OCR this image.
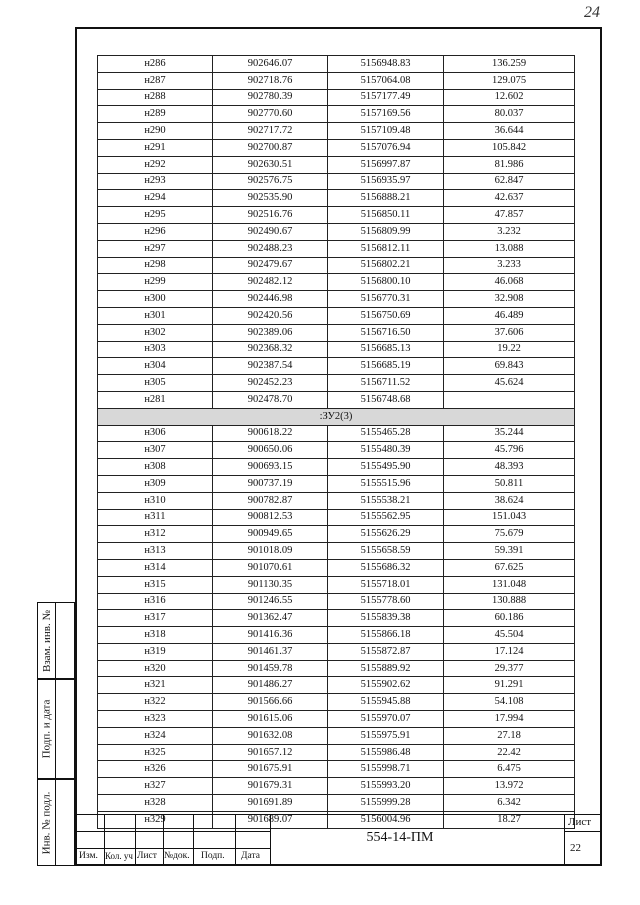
24
н286	902646.07	5156948.83	136.259
н287	902718.76	5157064.08	129.075
н288	902780.39	5157177.49	12.602
н289	902770.60	5157169.56	80.037
н290	902717.72	5157109.48	36.644
н291	902700.87	5157076.94	105.842
н292	902630.51	5156997.87	81.986
н293	902576.75	5156935.97	62.847
н294	902535.90	5156888.21	42.637
н295	902516.76	5156850.11	47.857
н296	902490.67	5156809.99	3.232
н297	902488.23	5156812.11	13.088
н298	902479.67	5156802.21	3.233
н299	902482.12	5156800.10	46.068
н300	902446.98	5156770.31	32.908
н301	902420.56	5156750.69	46.489
н302	902389.06	5156716.50	37.606
н303	902368.32	5156685.13	19.22
н304	902387.54	5156685.19	69.843
н305	902452.23	5156711.52	45.624
н281	902478.70	5156748.68	
:ЗУ2(3)			
н306	900618.22	5155465.28	35.244
н307	900650.06	5155480.39	45.796
н308	900693.15	5155495.90	48.393
н309	900737.19	5155515.96	50.811
н310	900782.87	5155538.21	38.624
н311	900812.53	5155562.95	151.043
н312	900949.65	5155626.29	75.679
н313	901018.09	5155658.59	59.391
н314	901070.61	5155686.32	67.625
н315	901130.35	5155718.01	131.048
н316	901246.55	5155778.60	130.888
н317	901362.47	5155839.38	60.186
н318	901416.36	5155866.18	45.504
н319	901461.37	5155872.87	17.124
н320	901459.78	5155889.92	29.377
н321	901486.27	5155902.62	91.291
н322	901566.66	5155945.88	54.108
н323	901615.06	5155970.07	17.994
н324	901632.08	5155975.91	27.18
н325	901657.12	5155986.48	22.42
н326	901675.91	5155998.71	6.475
н327	901679.31	5155993.20	13.972
н328	901691.89	5155999.28	6.342
н329	901689.07	5156004.96	18.27
Взам. инв. №
Подп. и дата
Инв. № подл.
Изм. Кол. уч Лист №док. Подп. Дата
554-14-ПМ
Лист
22
